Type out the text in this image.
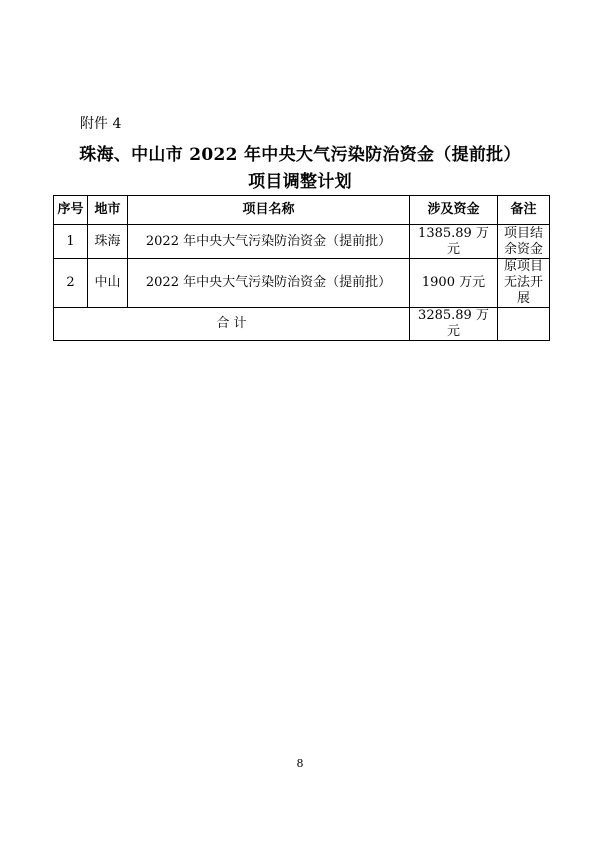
附件 4
珠海、中山市 2022 年中央大气污染防治资金（提前批）
项目调整计划
序号	地市	项目名称	涉及资金	备注
1	珠海	2022 年中央大气污染防治资金（提前批）	1385.89 万元	项目结余资金
2	中山	2022 年中央大气污染防治资金（提前批）	1900 万元	原项目无法开展
合 计			3285.89 万元	
8
